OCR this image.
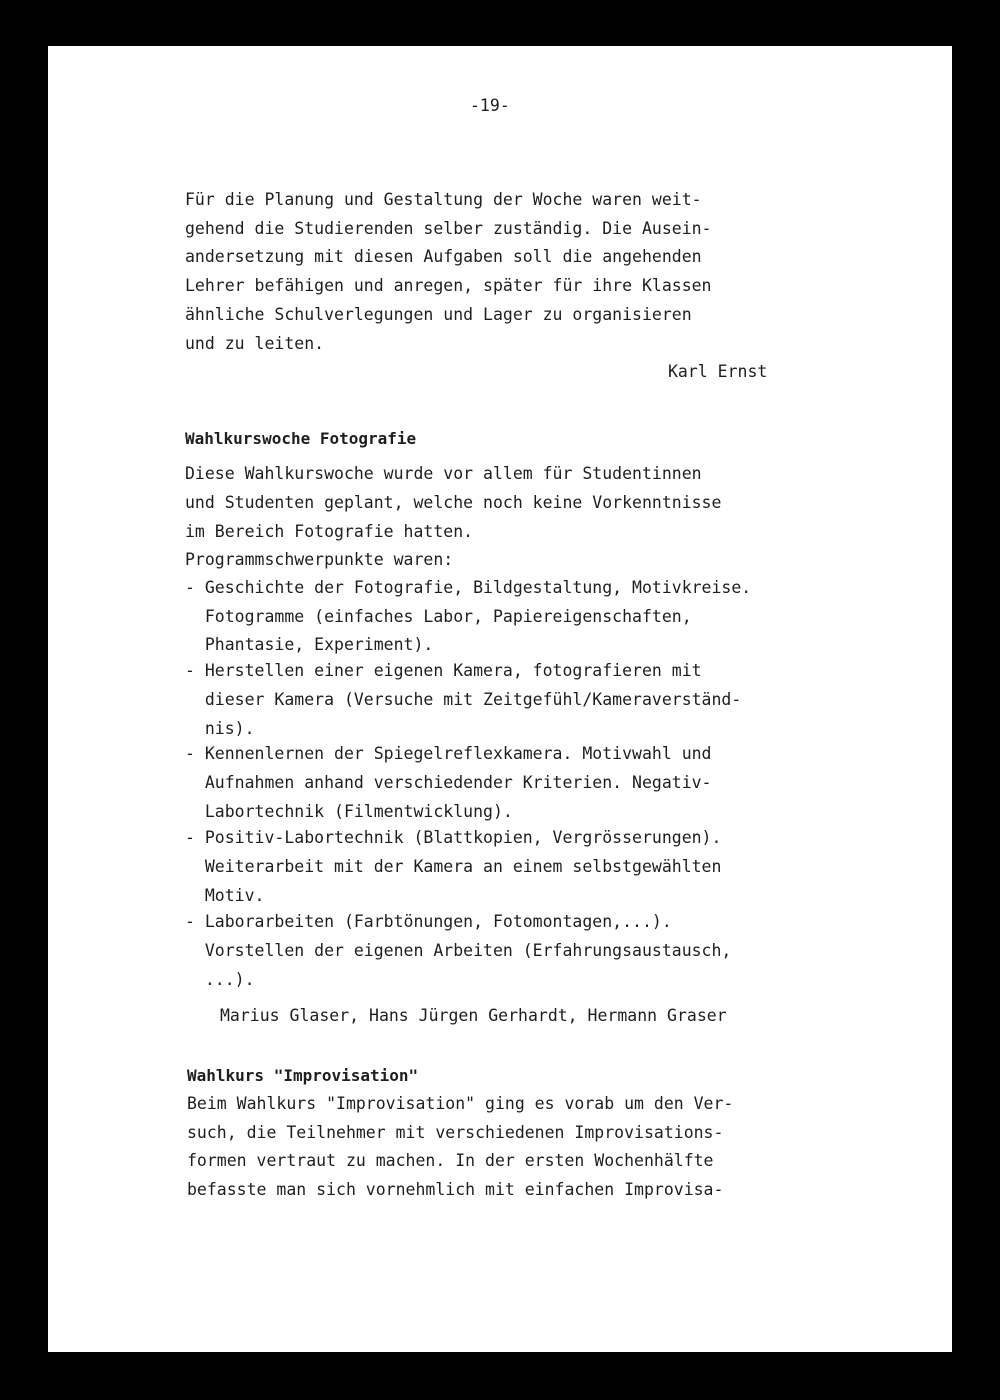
-19-

Für die Planung und Gestaltung der Woche waren weit-

gehend die Studierenden selber zuständig. Die Ausein-

andersetzung mit diesen Aufgaben soll die angehenden

Lehrer befähigen und anregen, später für ihre Klassen

ähnliche Schulverlegungen und Lager zu organisieren

und zu leiten.

Karl Ernst

Wahlkurswoche Fotografie

Diese Wahlkurswoche wurde vor allem für Studentinnen

und Studenten geplant, welche noch keine Vorkenntnisse

im Bereich Fotografie hatten.

Programmschwerpunkte waren:

- Geschichte der Fotografie, Bildgestaltung, Motivkreise.

Fotogramme (einfaches Labor, Papiereigenschaften,

Phantasie, Experiment).

- Herstellen einer eigenen Kamera, fotografieren mit

dieser Kamera (Versuche mit Zeitgefühl/Kameraverständ-

nis).

- Kennenlernen der Spiegelreflexkamera. Motivwahl und

Aufnahmen anhand verschiedender Kriterien. Negativ-

Labortechnik (Filmentwicklung).

- Positiv-Labortechnik (Blattkopien, Vergrösserungen).

Weiterarbeit mit der Kamera an einem selbstgewählten

Motiv.

- Laborarbeiten (Farbtönungen, Fotomontagen,...).

Vorstellen der eigenen Arbeiten (Erfahrungsaustausch,

...).

Marius Glaser, Hans Jürgen Gerhardt, Hermann Graser

Wahlkurs "Improvisation"

Beim Wahlkurs "Improvisation" ging es vorab um den Ver-

such, die Teilnehmer mit verschiedenen Improvisations-

formen vertraut zu machen. In der ersten Wochenhälfte

befasste man sich vornehmlich mit einfachen Improvisa-
